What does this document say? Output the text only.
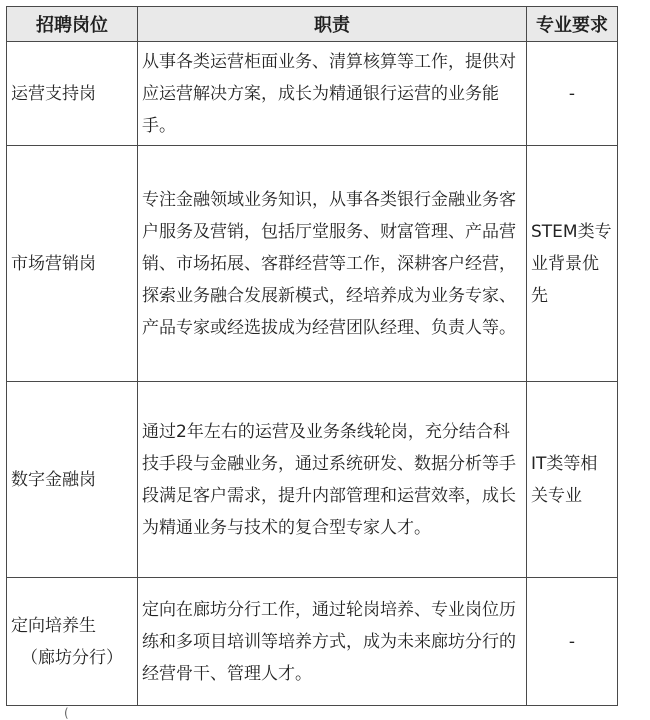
招聘岗位	职责	专业要求
运营支持岗	从事各类运营柜面业务、清算核算等工作，提供对应运营解决方案，成长为精通银行运营的业务能手。	-
市场营销岗	专注金融领域业务知识，从事各类银行金融业务客户服务及营销，包括厅堂服务、财富管理、产品营销、市场拓展、客群经营等工作，深耕客户经营，探索业务融合发展新模式，经培养成为业务专家、产品专家或经选拔成为经营团队经理、负责人等。	STEM类专业背景优先
数字金融岗	通过2年左右的运营及业务条线轮岗，充分结合科技手段与金融业务，通过系统研发、数据分析等手段满足客户需求，提升内部管理和运营效率，成长为精通业务与技术的复合型专家人才。	IT类等相关专业
定向培养生
（廊坊分行）	定向在廊坊分行工作，通过轮岗培养、专业岗位历练和多项目培训等培养方式，成为未来廊坊分行的经营骨干、管理人才。	-
(
